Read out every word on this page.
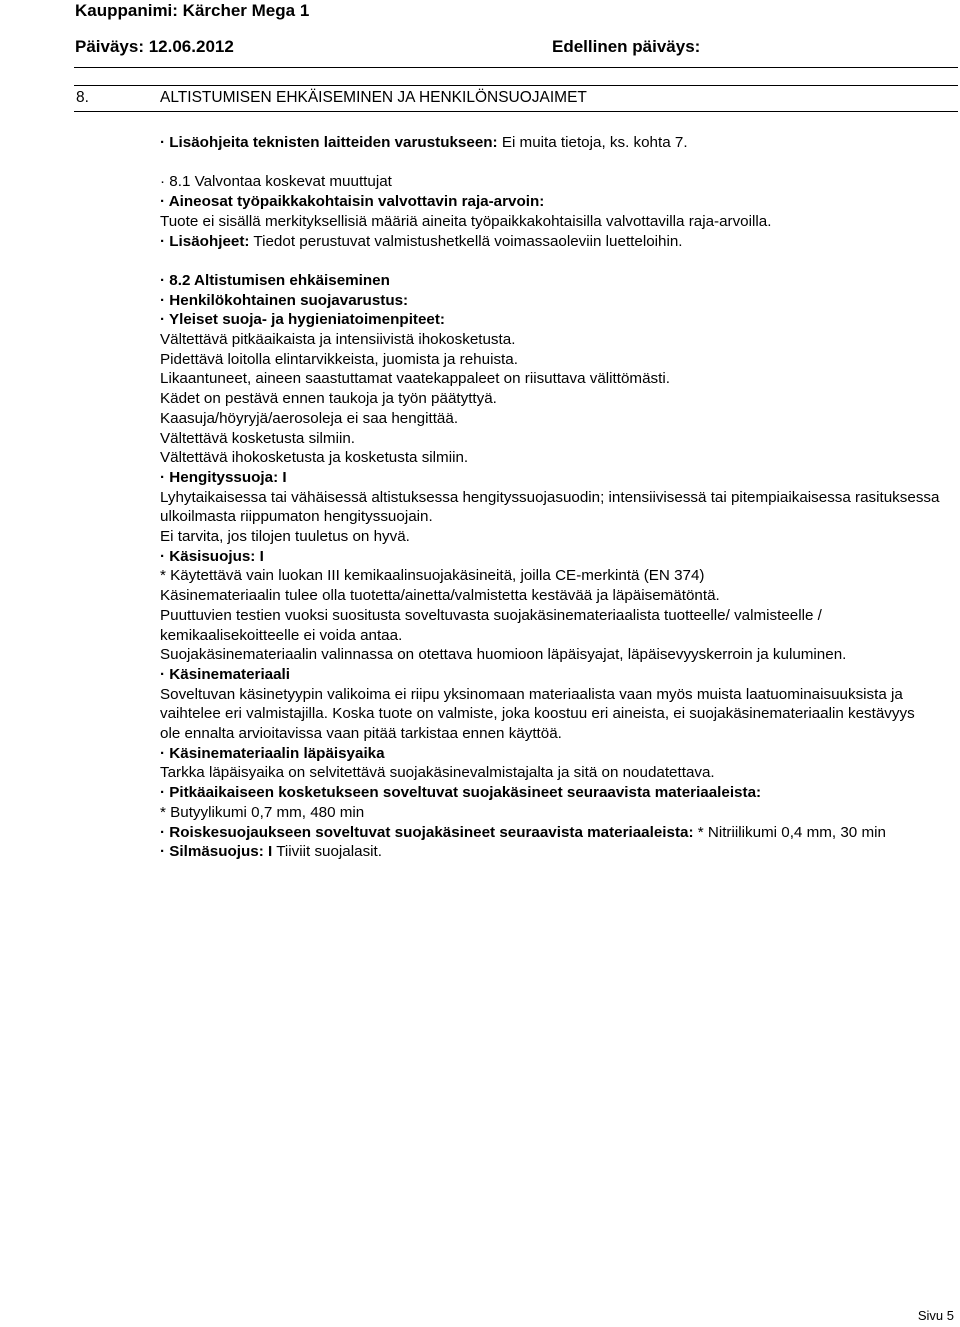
Kauppanimi: Kärcher Mega 1
Päiväys: 12.06.2012	Edellinen päiväys:
8.	ALTISTUMISEN EHKÄISEMINEN JA HENKILÖNSUOJAIMET

· Lisäohjeita teknisten laitteiden varustukseen: Ei muita tietoja, ks. kohta 7.

· 8.1 Valvontaa koskevat muuttujat

· Aineosat työpaikkakohtaisin valvottavin raja-arvoin:

Tuote ei sisällä merkityksellisiä määriä aineita työpaikkakohtaisilla valvottavilla raja-arvoilla.

· Lisäohjeet: Tiedot perustuvat valmistushetkellä voimassaoleviin luetteloihin.

· 8.2 Altistumisen ehkäiseminen

· Henkilökohtainen suojavarustus:

· Yleiset suoja- ja hygieniatoimenpiteet:

Vältettävä pitkäaikaista ja intensiivistä ihokosketusta.

Pidettävä loitolla elintarvikkeista, juomista ja rehuista.

Likaantuneet, aineen saastuttamat vaatekappaleet on riisuttava välittömästi.

Kädet on pestävä ennen taukoja ja työn päätyttyä.

Kaasuja/höyryjä/aerosoleja ei saa hengittää.

Vältettävä kosketusta silmiin.

Vältettävä ihokosketusta ja kosketusta silmiin.

· Hengityssuoja: I

Lyhytaikaisessa tai vähäisessä altistuksessa hengityssuojasuodin; intensiivisessä tai pitempiaikaisessa rasituksessa ulkoilmasta riippumaton hengityssuojain.

Ei tarvita, jos tilojen tuuletus on hyvä.

· Käsisuojus: I

* Käytettävä vain luokan III kemikaalinsuojakäsineitä, joilla CE-merkintä (EN 374)

Käsinemateriaalin tulee olla tuotetta/ainetta/valmistetta kestävää ja läpäisemätöntä.

Puuttuvien testien vuoksi suositusta soveltuvasta suojakäsinemateriaalista tuotteelle/ valmisteelle / kemikaalisekoitteelle ei voida antaa.

Suojakäsinemateriaalin valinnassa on otettava huomioon läpäisyajat, läpäisevyyskerroin ja kuluminen.

· Käsinemateriaali

Soveltuvan käsinetyypin valikoima ei riipu yksinomaan materiaalista vaan myös muista laatuominaisuuksista ja

vaihtelee eri valmistajilla. Koska tuote on valmiste, joka koostuu eri aineista, ei suojakäsinemateriaalin kestävyys

ole ennalta arvioitavissa vaan pitää tarkistaa ennen käyttöä.

· Käsinemateriaalin läpäisyaika

Tarkka läpäisyaika on selvitettävä suojakäsinevalmistajalta ja sitä on noudatettava.

· Pitkäaikaiseen kosketukseen soveltuvat suojakäsineet seuraavista materiaaleista:

* Butyylikumi 0,7 mm, 480 min

· Roiskesuojaukseen soveltuvat suojakäsineet seuraavista materiaaleista: * Nitriilikumi 0,4 mm, 30 min

· Silmäsuojus: I Tiiviit suojalasit.

Sivu 5
